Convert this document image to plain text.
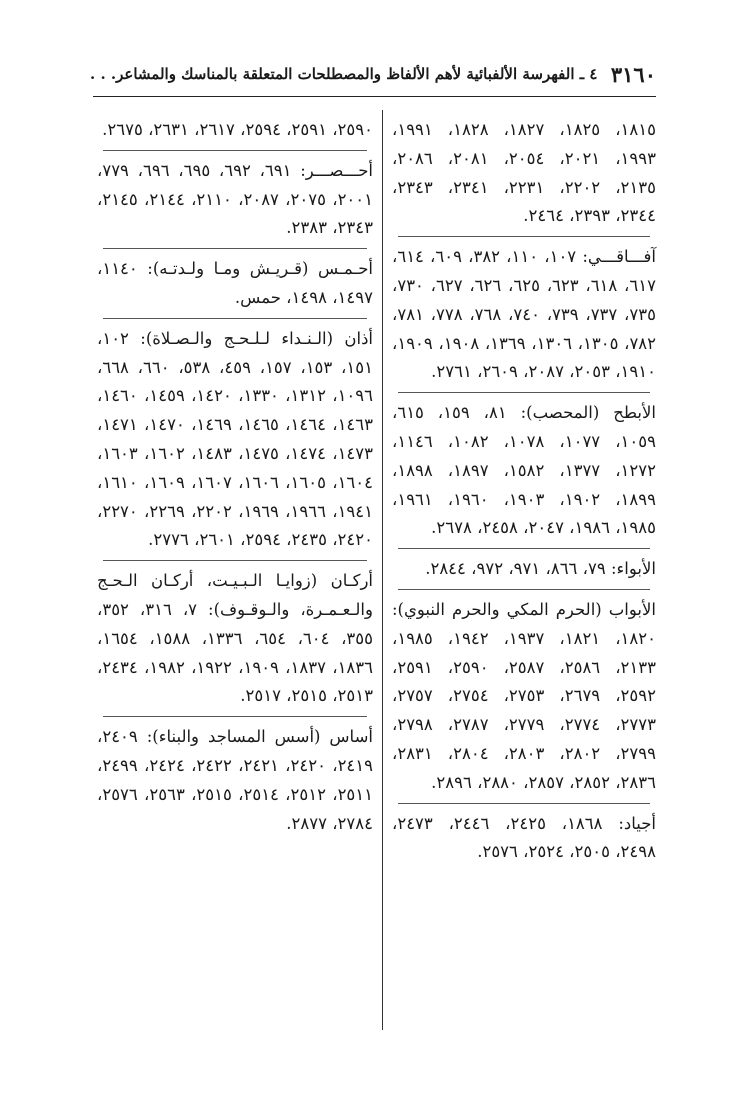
٣١٦٠
٤ ـ الفهرسة الألفبائية لأهم الألفاظ والمصطلحات المتعلقة بالمناسك والمشاعر. . .

١٨١٥، ١٨٢٥، ١٨٢٧، ١٨٢٨، ١٩٩١، ١٩٩٣، ٢٠٢١، ٢٠٥٤، ٢٠٨١، ٢٠٨٦، ٢١٣٥، ٢٢٠٢، ٢٢٣١، ٢٣٤١، ٢٣٤٣، ٢٣٤٤، ٢٣٩٣، ٢٤٦٤.

آفـــاقـــي: ١٠٧، ١١٠، ٣٨٢، ٦٠٩، ٦١٤، ٦١٧، ٦١٨، ٦٢٣، ٦٢٥، ٦٢٦، ٦٢٧، ٧٣٠، ٧٣٥، ٧٣٧، ٧٣٩، ٧٤٠، ٧٦٨، ٧٧٨، ٧٨١، ٧٨٢، ١٣٠٥، ١٣٠٦، ١٣٦٩، ١٩٠٨، ١٩٠٩، ١٩١٠، ٢٠٥٣، ٢٠٨٧، ٢٦٠٩، ٢٧٦١.

الأبطح (المحصب): ٨١، ١٥٩، ٦١٥، ١٠٥٩، ١٠٧٧، ١٠٧٨، ١٠٨٢، ١١٤٦، ١٢٧٢، ١٣٧٧، ١٥٨٢، ١٨٩٧، ١٨٩٨، ١٨٩٩، ١٩٠٢، ١٩٠٣، ١٩٦٠، ١٩٦١، ١٩٨٥، ١٩٨٦، ٢٠٤٧، ٢٤٥٨، ٢٦٧٨.

الأبواء: ٧٩، ٨٦٦، ٩٧١، ٩٧٢، ٢٨٤٤.

الأبواب (الحرم المكي والحرم النبوي): ١٨٢٠، ١٨٢١، ١٩٣٧، ١٩٤٢، ١٩٨٥، ٢١٣٣، ٢٥٨٦، ٢٥٨٧، ٢٥٩٠، ٢٥٩١، ٢٥٩٢، ٢٦٧٩، ٢٧٥٣، ٢٧٥٤، ٢٧٥٧، ٢٧٧٣، ٢٧٧٤، ٢٧٧٩، ٢٧٨٧، ٢٧٩٨، ٢٧٩٩، ٢٨٠٢، ٢٨٠٣، ٢٨٠٤، ٢٨٣١، ٢٨٣٦، ٢٨٥٢، ٢٨٥٧، ٢٨٨٠، ٢٨٩٦.

أجياد: ١٨٦٨، ٢٤٢٥، ٢٤٤٦، ٢٤٧٣، ٢٤٩٨، ٢٥٠٥، ٢٥٢٤، ٢٥٧٦.

٢٥٩٠، ٢٥٩١، ٢٥٩٤، ٢٦١٧، ٢٦٣١، ٢٦٧٥.

أحـــصـــر: ٦٩١، ٦٩٢، ٦٩٥، ٦٩٦، ٧٧٩، ٢٠٠١، ٢٠٧٥، ٢٠٨٧، ٢١١٠، ٢١٤٤، ٢١٤٥، ٢٣٤٣، ٢٣٨٣.

أحـمـس (قـريـش ومـا ولـدتـه): ١١٤٠، ١٤٩٧، ١٤٩٨، حمس.

أذان (الـنـداء لـلـحـج والـصـلاة): ١٠٢، ١٥١، ١٥٣، ١٥٧، ٤٥٩، ٥٣٨، ٦٦٠، ٦٦٨، ١٠٩٦، ١٣١٢، ١٣٣٠، ١٤٢٠، ١٤٥٩، ١٤٦٠، ١٤٦٣، ١٤٦٤، ١٤٦٥، ١٤٦٩، ١٤٧٠، ١٤٧١، ١٤٧٣، ١٤٧٤، ١٤٧٥، ١٤٨٣، ١٦٠٢، ١٦٠٣، ١٦٠٤، ١٦٠٥، ١٦٠٦، ١٦٠٧، ١٦٠٩، ١٦١٠، ١٩٤١، ١٩٦٦، ١٩٦٩، ٢٢٠٢، ٢٢٦٩، ٢٢٧٠، ٢٤٢٠، ٢٤٣٥، ٢٥٩٤، ٢٦٠١، ٢٧٧٦.

أركـان (زوايـا الـبـيـت، أركـان الـحـج والـعـمـرة، والـوقـوف): ٧، ٣١٦، ٣٥٢، ٣٥٥، ٦٠٤، ٦٥٤، ١٣٣٦، ١٥٨٨، ١٦٥٤، ١٨٣٦، ١٨٣٧، ١٩٠٩، ١٩٢٢، ١٩٨٢، ٢٤٣٤، ٢٥١٣، ٢٥١٥، ٢٥١٧.

أساس (أسس المساجد والبناء): ٢٤٠٩، ٢٤١٩، ٢٤٢٠، ٢٤٢١، ٢٤٢٢، ٢٤٢٤، ٢٤٩٩، ٢٥١١، ٢٥١٢، ٢٥١٤، ٢٥١٥، ٢٥٦٣، ٢٥٧٦، ٢٧٨٤، ٢٨٧٧.
